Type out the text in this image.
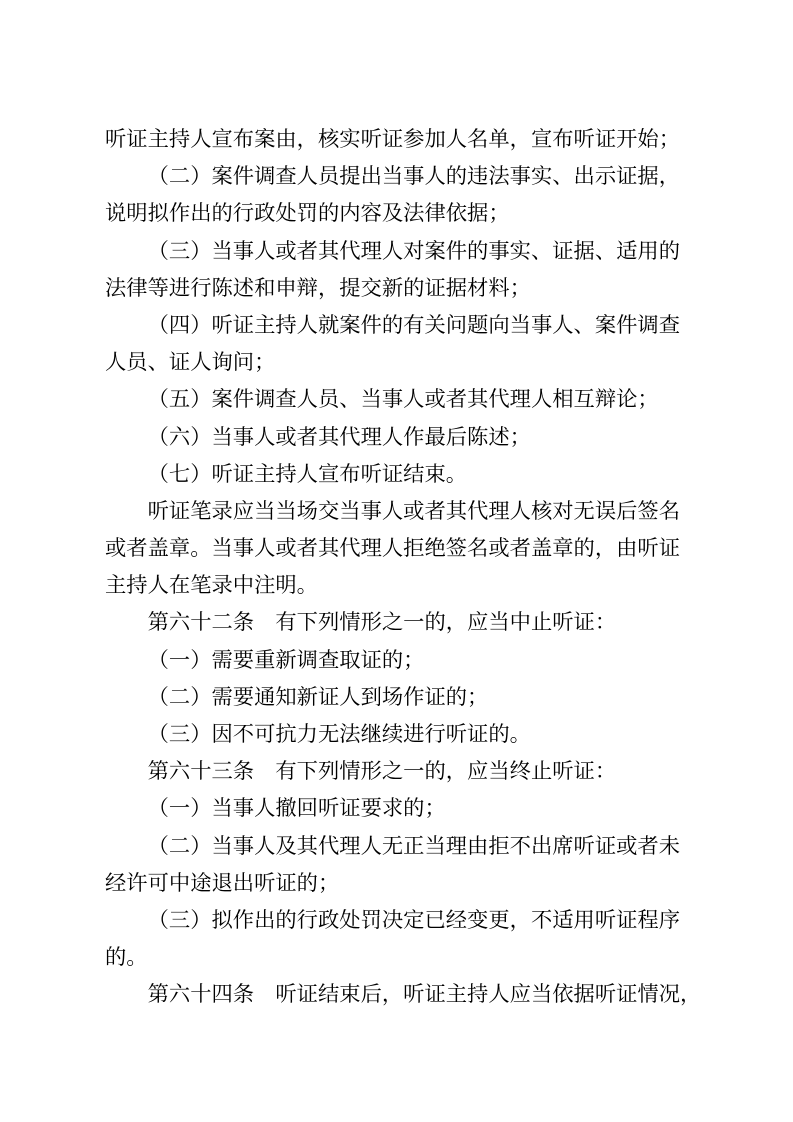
听证主持人宣布案由，核实听证参加人名单，宣布听证开始；
（二）案件调查人员提出当事人的违法事实、出示证据，
说明拟作出的行政处罚的内容及法律依据；
（三）当事人或者其代理人对案件的事实、证据、适用的
法律等进行陈述和申辩，提交新的证据材料；
（四）听证主持人就案件的有关问题向当事人、案件调查
人员、证人询问；
（五）案件调查人员、当事人或者其代理人相互辩论；
（六）当事人或者其代理人作最后陈述；
（七）听证主持人宣布听证结束。
听证笔录应当当场交当事人或者其代理人核对无误后签名
或者盖章。当事人或者其代理人拒绝签名或者盖章的，由听证
主持人在笔录中注明。
第六十二条　有下列情形之一的，应当中止听证：
（一）需要重新调查取证的；
（二）需要通知新证人到场作证的；
（三）因不可抗力无法继续进行听证的。
第六十三条　有下列情形之一的，应当终止听证：
（一）当事人撤回听证要求的；
（二）当事人及其代理人无正当理由拒不出席听证或者未
经许可中途退出听证的；
（三）拟作出的行政处罚决定已经变更，不适用听证程序
的。
第六十四条　听证结束后，听证主持人应当依据听证情况，
